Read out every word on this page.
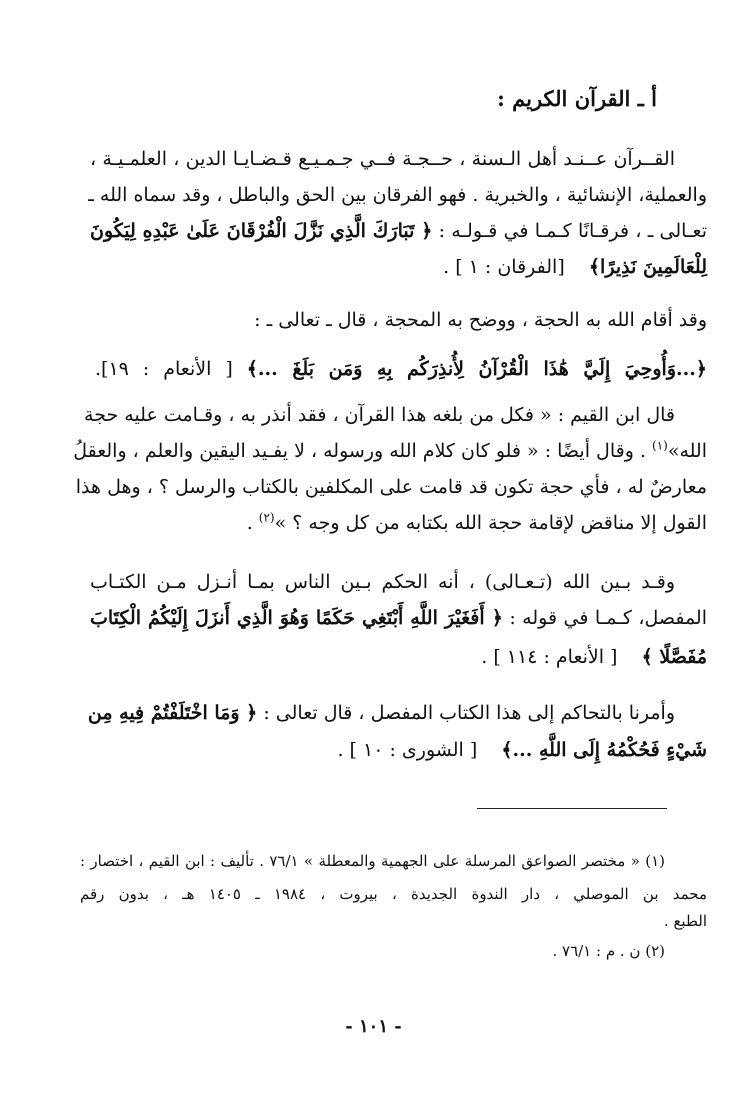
أ ـ القرآن الكريم :
القــرآن عــنـد أهل الـسنة ، حــجـة فــي جـمـيـع قـضـايـا الدين ، العلمـيـة ،
والعملية، الإنشائية ، والخبرية . فهو الفرقان بين الحق والباطل ، وقد سماه الله ـ
تعـالى ـ ، فرقـانًا كـمـا في قـولـه : ﴿ تَبَارَكَ الَّذِي نَزَّلَ الْفُرْقَانَ عَلَىٰ عَبْدِهِ لِيَكُونَ
لِلْعَالَمِينَ نَذِيرًا﴾    [الفرقان : ١ ] .
وقد أقام الله به الحجة ، ووضح به المحجة ، قال ـ تعالى ـ :
﴿...وَأُوحِيَ إِلَيَّ هَٰذَا الْقُرْآنُ لِأُنذِرَكُم بِهِ وَمَن بَلَغَ ...﴾ [ الأنعام : ١٩].
قال ابن القيم : « فكل من بلغه هذا القرآن ، فقد أنذر به ، وقـامت عليه حجة
الله»$^{(١)}$ . وقال أيضًا : « فلو كان كلام الله ورسوله ، لا يفـيد اليقين والعلم ، والعقلُ
معارضٌ له ، فأي حجة تكون قد قامت على المكلفين بالكتاب والرسل ؟ ، وهل هذا
القول إلا مناقض لإقامة حجة الله بكتابه من كل وجه ؟ »$^{(٢)}$ .
وقـد بـين الله (تـعـالى) ، أنه الحكم بـين الناس بمـا أنـزل مـن الكتـاب
المفصل، كـمـا في قوله : ﴿ أَفَغَيْرَ اللَّهِ أَبْتَغِي حَكَمًا وَهُوَ الَّذِي أَنزَلَ إِلَيْكُمُ الْكِتَابَ
مُفَصَّلًا ﴾    [ الأنعام : ١١٤ ] .
وأمرنا بالتحاكم إلى هذا الكتاب المفصل ، قال تعالى : ﴿ وَمَا اخْتَلَفْتُمْ فِيهِ مِن
شَيْءٍ فَحُكْمُهُ إِلَى اللَّهِ ...﴾    [ الشورى : ١٠ ] .
(١) « مختصر الصواعق المرسلة على الجهمية والمعطلة » ٧٦/١ . تأليف : ابن القيم ، اختصار :
محمد بن الموصلي ، دار الندوة الجديدة ، بيروت ، ١٩٨٤ ـ ١٤٠٥ هـ ، بدون رقم
الطبع .
(٢) ن . م : ٧٦/١ .
- ١٠١ -
